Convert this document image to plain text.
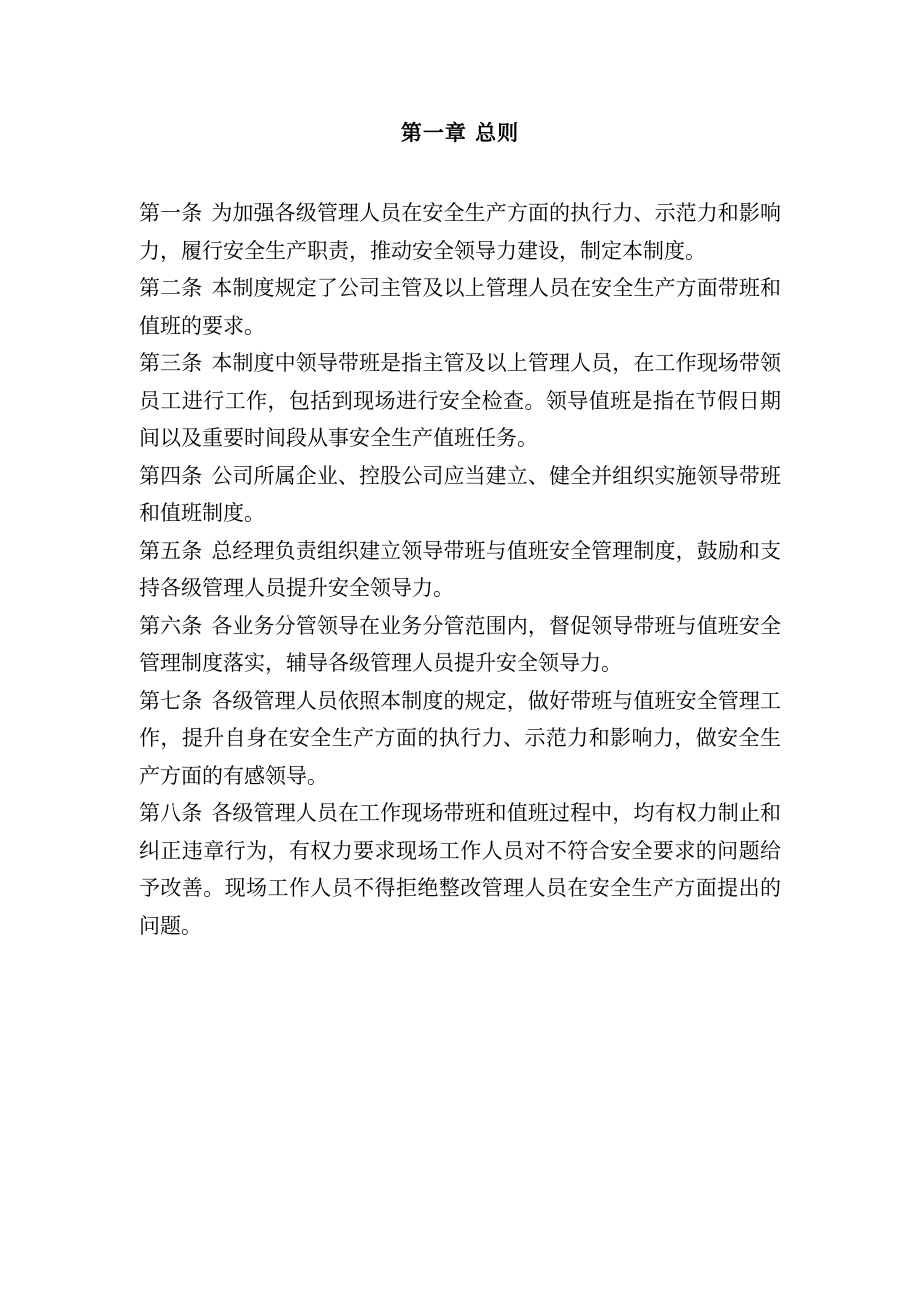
第一章 总则

第一条 为加强各级管理人员在安全生产方面的执行力、示范力和影响力，履行安全生产职责，推动安全领导力建设，制定本制度。

第二条 本制度规定了公司主管及以上管理人员在安全生产方面带班和值班的要求。

第三条 本制度中领导带班是指主管及以上管理人员，在工作现场带领员工进行工作，包括到现场进行安全检查。领导值班是指在节假日期间以及重要时间段从事安全生产值班任务。

第四条 公司所属企业、控股公司应当建立、健全并组织实施领导带班和值班制度。

第五条 总经理负责组织建立领导带班与值班安全管理制度，鼓励和支持各级管理人员提升安全领导力。

第六条 各业务分管领导在业务分管范围内，督促领导带班与值班安全管理制度落实，辅导各级管理人员提升安全领导力。

第七条 各级管理人员依照本制度的规定，做好带班与值班安全管理工作，提升自身在安全生产方面的执行力、示范力和影响力，做安全生产方面的有感领导。

第八条 各级管理人员在工作现场带班和值班过程中，均有权力制止和纠正违章行为，有权力要求现场工作人员对不符合安全要求的问题给予改善。现场工作人员不得拒绝整改管理人员在安全生产方面提出的问题。
